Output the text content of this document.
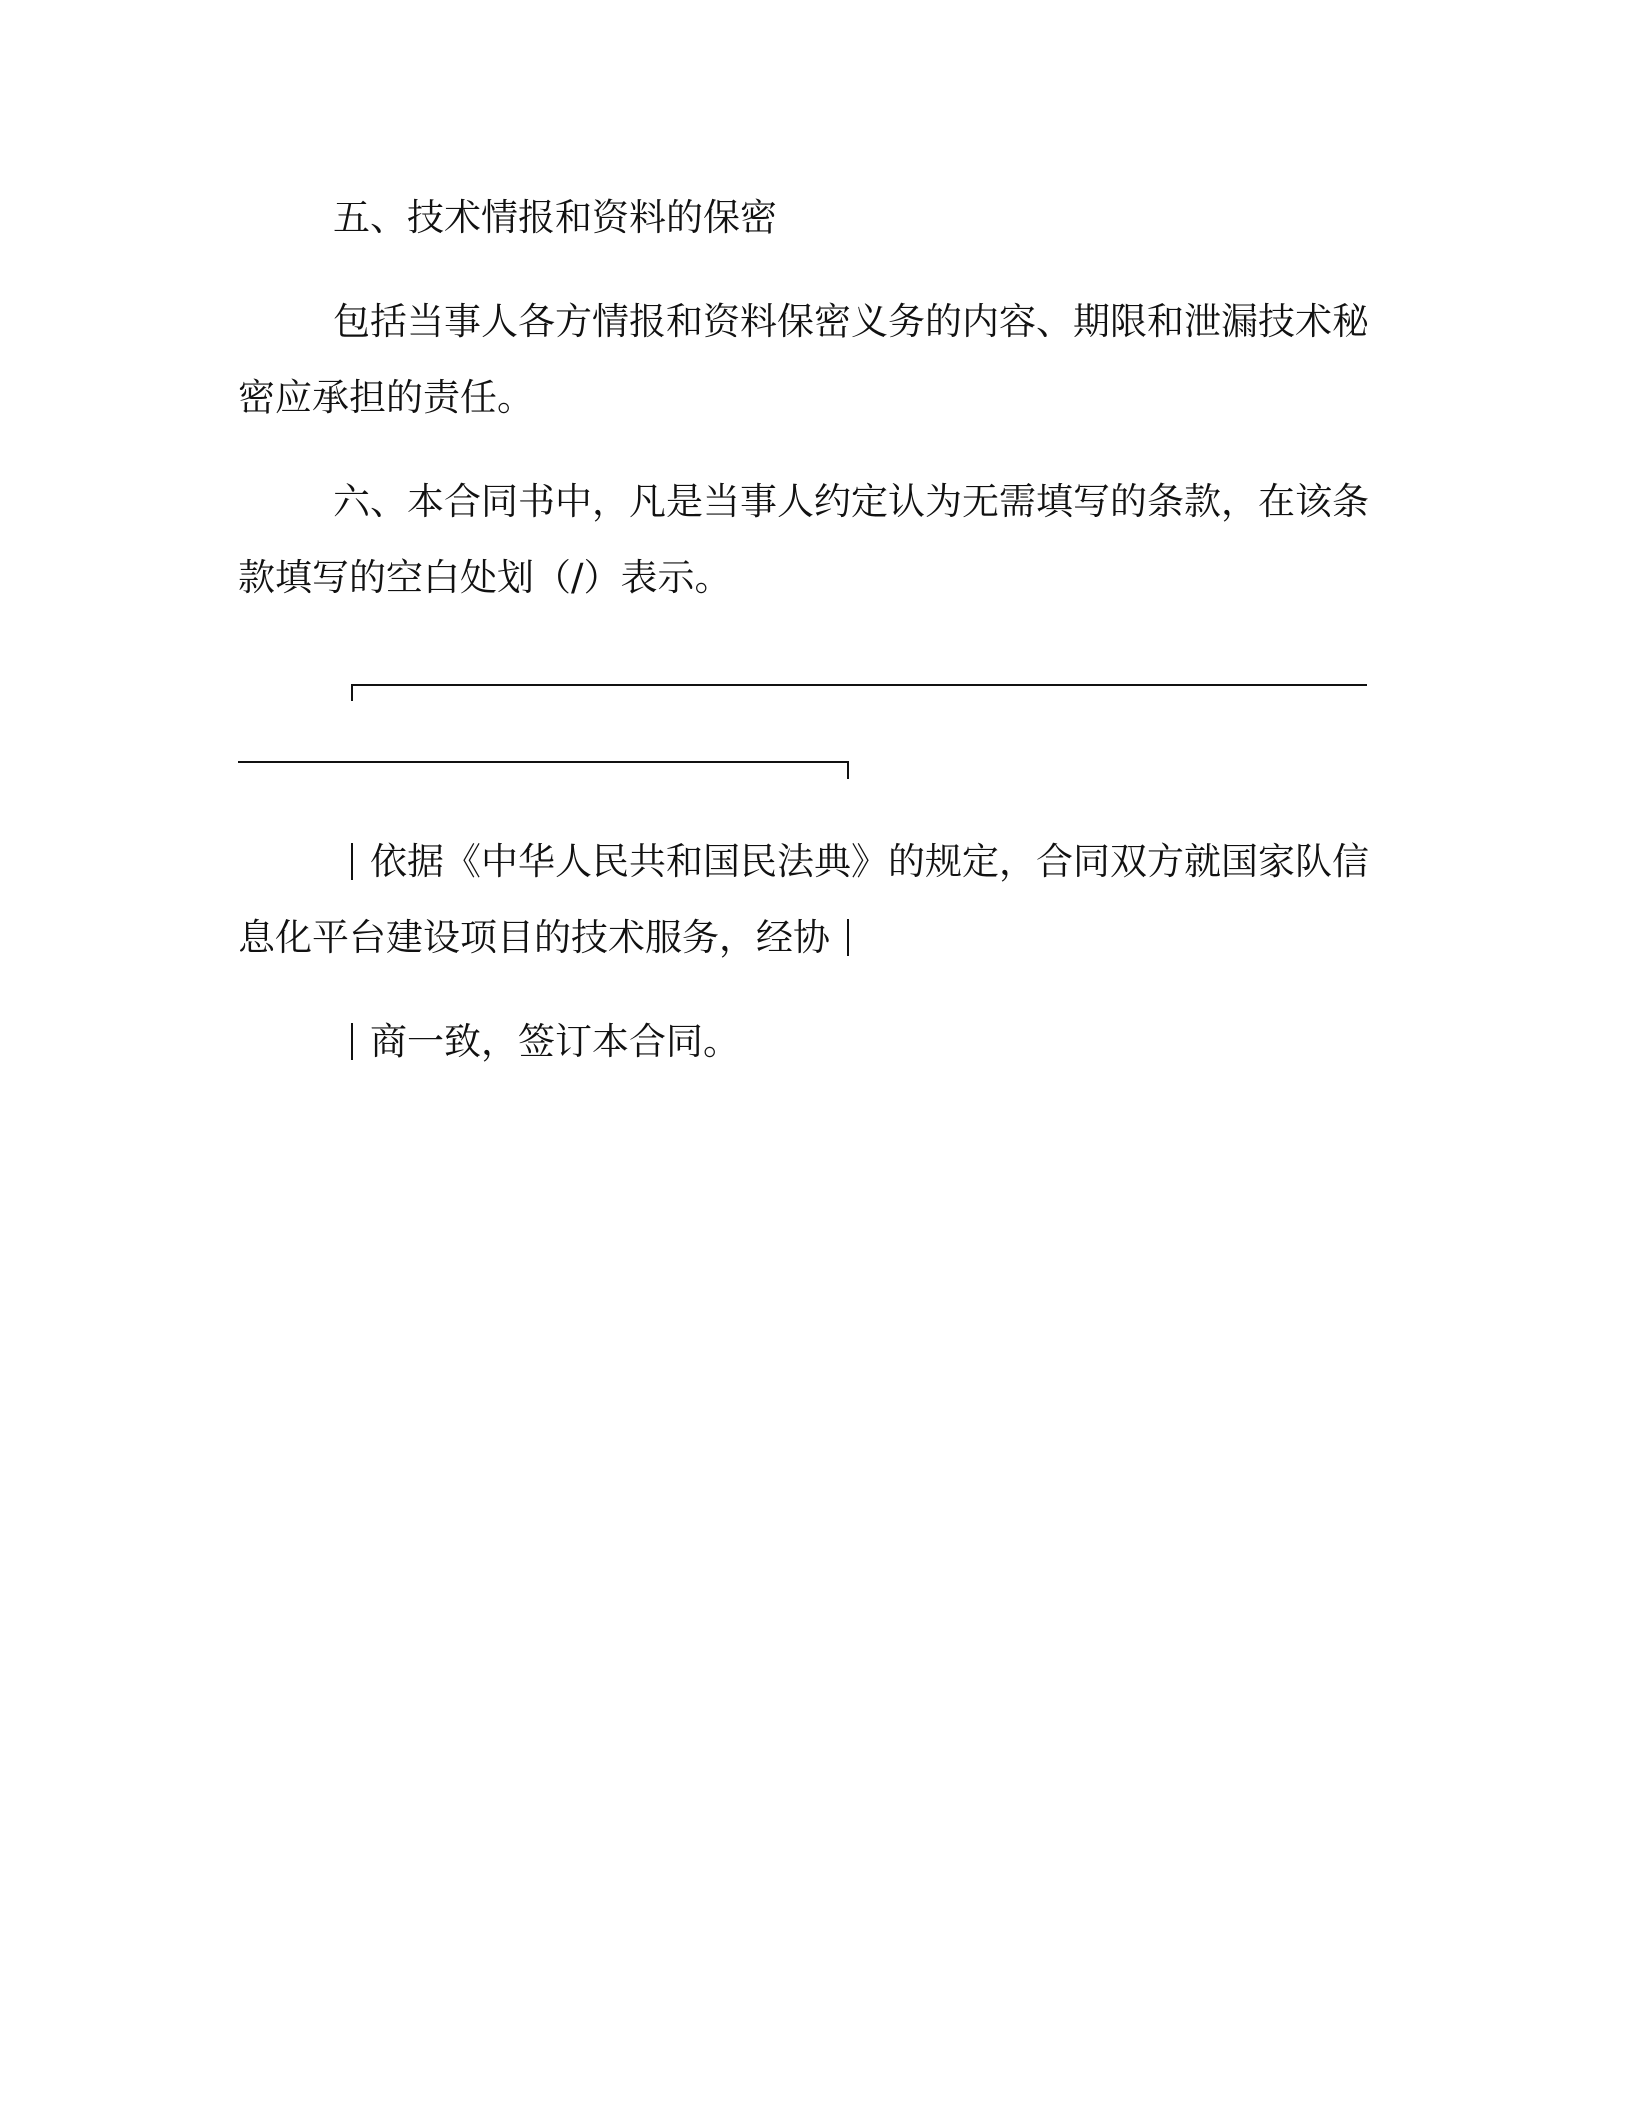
五、技术情报和资料的保密
包括当事人各方情报和资料保密义务的内容、期限和泄漏技术秘
密应承担的责任。
六、本合同书中，凡是当事人约定认为无需填写的条款，在该条
款填写的空白处划（/）表示。
依据《中华人民共和国民法典》的规定，合同双方就国家队信
息化平台建设项目的技术服务，经协
商一致，签订本合同。
